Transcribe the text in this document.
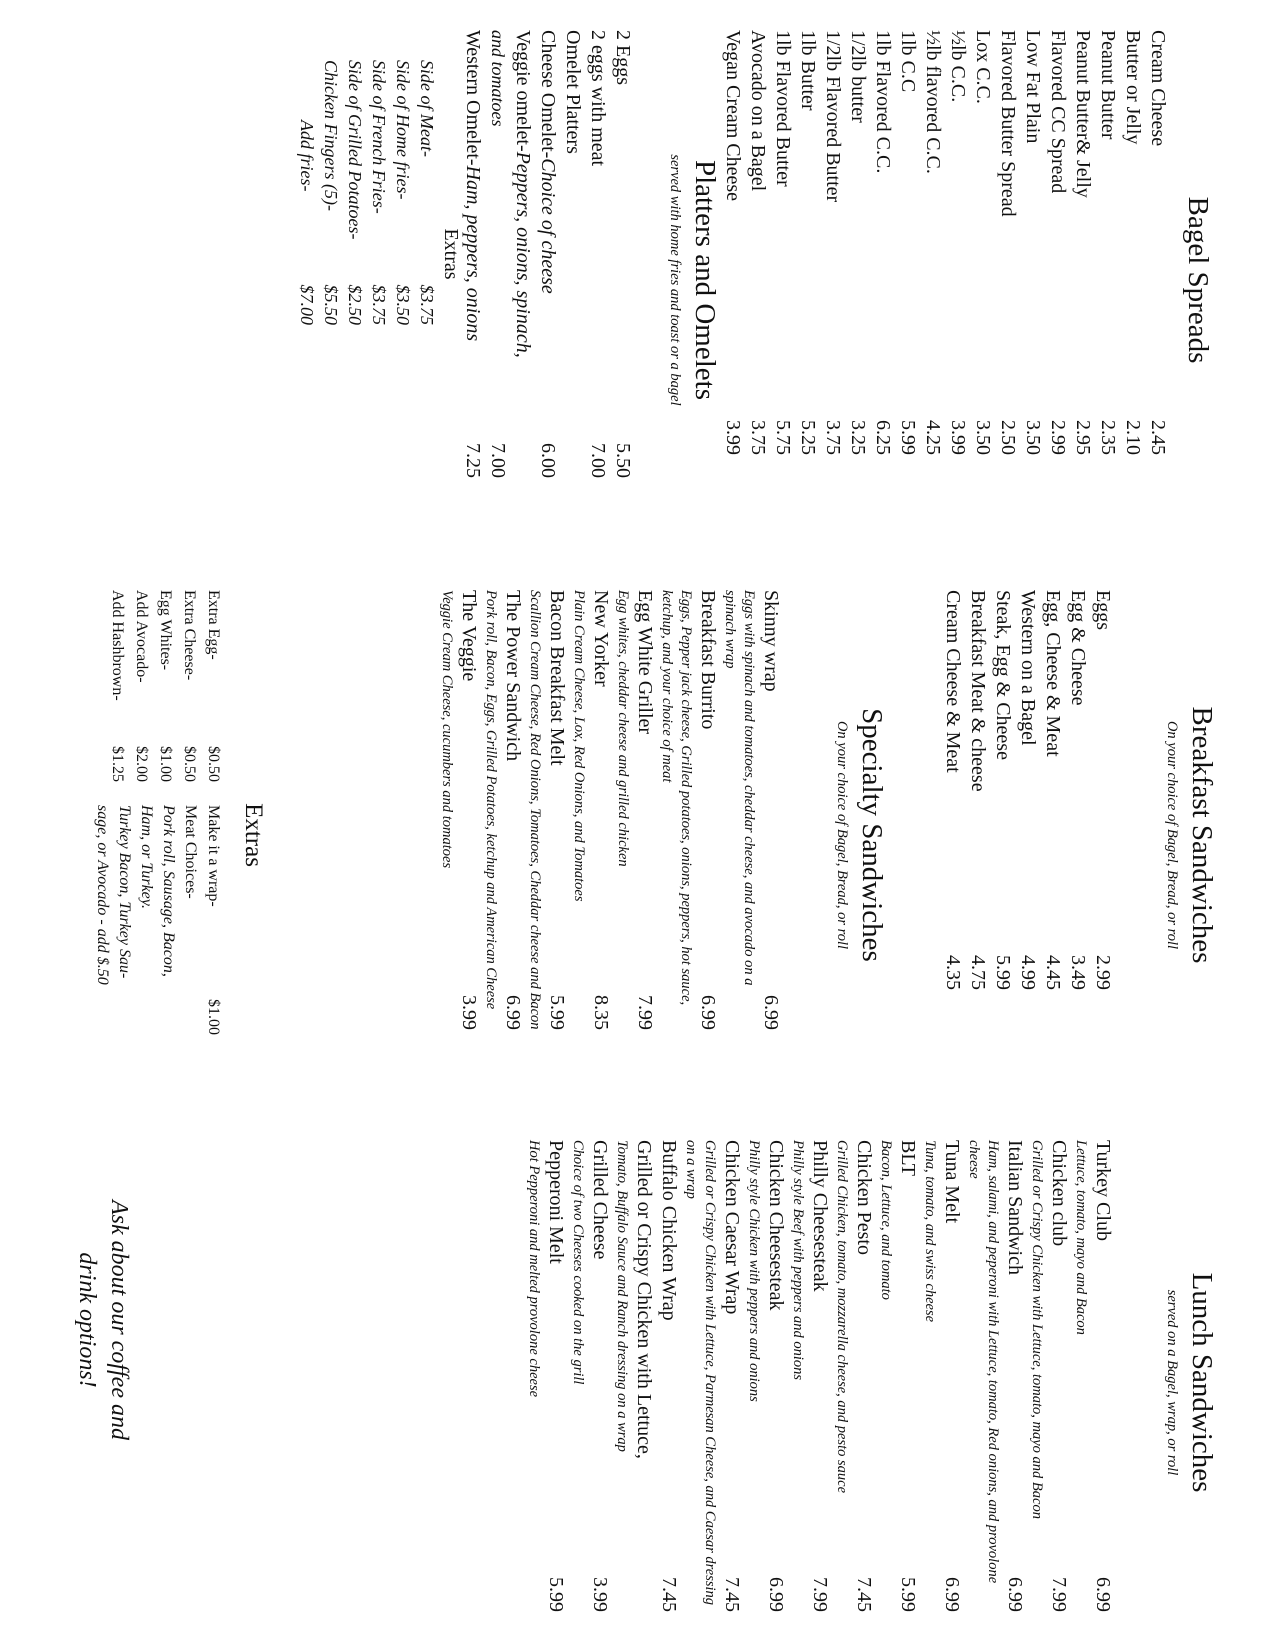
Bagel Spreads
Cream Cheese
2.45
Butter or Jelly
2.10
Peanut Butter
2.35
Peanut Butter& Jelly
2.95
Flavored CC Spread
2.99
Low Fat Plain
3.50
Flavored Butter Spread
2.50
Lox C.C.
3.50
½lb C.C.
3.99
½lb flavored C.C.
4.25
1lb C.C
5.99
1lb Flavored C.C.
6.25
1/2lb butter
3.25
1/2lb Flavored Butter
3.75
1lb Butter
5.25
1lb Flavored Butter
5.75
Avocado on a Bagel
3.75
Vegan Cream Cheese
3.99
Platters and Omelets
served with home fries and toast or a bagel
2 Eggs
5.50
2 eggs with meat
7.00
Omelet Platters
Cheese Omelet-Choice of cheese
6.00
Veggie omelet-Peppers, onions, spinach,
and tomatoes
7.00
Western Omelet-Ham, peppers, onions
7.25
Extras
Side of Meat-
$3.75
Side of Home fries-
$3.50
Side of French Fries-
$3.75
Side of Grilled Potatoes-
$2.50
Chicken Fingers (5)-
$5.50
Add fries-
$7.00
Breakfast Sandwiches
On your choice of Bagel, Bread, or roll
Eggs
2.99
Egg & Cheese
3.49
Egg, Cheese & Meat
4.45
Western on a Bagel
4.99
Steak, Egg & Cheese
5.99
Breakfast Meat & cheese
4.75
Cream Cheese & Meat
4.35
Specialty Sandwiches
On your choice of Bagel, Bread, or roll
Skinny wrap
6.99
Eggs with spinach and tomatoes, cheddar cheese, and avocado on a spinach wrap
Breakfast Burrito
6.99
Eggs, Pepper jack cheese, Grilled potatoes, onions, peppers, hot sauce, ketchup, and your choice of meat
Egg White Griller
7.99
Egg whites, cheddar cheese and grilled chicken
New Yorker
8.35
Plain Cream Cheese, Lox, Red Onions, and Tomatoes
Bacon Breakfast Melt
5.99
Scallion Cream Cheese, Red Onions, Tomatoes, Cheddar cheese and Bacon
The Power Sandwich
6.99
Pork roll, Bacon, Eggs, Grilled Potatoes, ketchup and American Cheese
The Veggie
3.99
Veggie Cream Cheese, cucumbers and tomatoes
Extras
Extra Egg-
$0.50
Extra Cheese-
$0.50
Egg Whites-
$1.00
Add Avocado-
$2.00
Add Hashbrown-
$1.25
Make it a wrap-
$1.00
Meat Choices-
Pork roll, Sausage, Bacon,
Ham, or Turkey.
Turkey Bacon, Turkey Sau-
sage, or Avocado - add $.50
Lunch Sandwiches
served on a Bagel, wrap, or roll
Turkey Club
6.99
Lettuce, tomato, mayo and Bacon
Chicken club
7.99
Grilled or Crispy Chicken with Lettuce, tomato, mayo and Bacon
Italian Sandwich
6.99
Ham, salami, and peperoni with Lettuce, tomato, Red onions, and provolone cheese
Tuna Melt
6.99
Tuna, tomato, and swiss cheese
BLT
5.99
Bacon, Lettuce, and tomato
Chicken Pesto
7.45
Grilled Chicken, tomato, mozzarella cheese, and pesto sauce
Philly Cheesesteak
7.99
Philly style Beef with peppers and onions
Chicken Cheesesteak
6.99
Philly style Chicken with peppers and onions
Chicken Caesar Wrap
7.45
Grilled or Crispy Chicken with Lettuce, Parmesan Cheese, and Caesar dressing on a wrap
Buffalo Chicken Wrap
7.45
Grilled or Crispy Chicken with Lettuce,
Tomato, Buffalo Sauce and Ranch dressing on a wrap
Grilled Cheese
3.99
Choice of two Cheeses cooked on the grill
Pepperoni Melt
5.99
Hot Pepperoni and melted provolone cheese
Ask about our coffee and
drink options!
